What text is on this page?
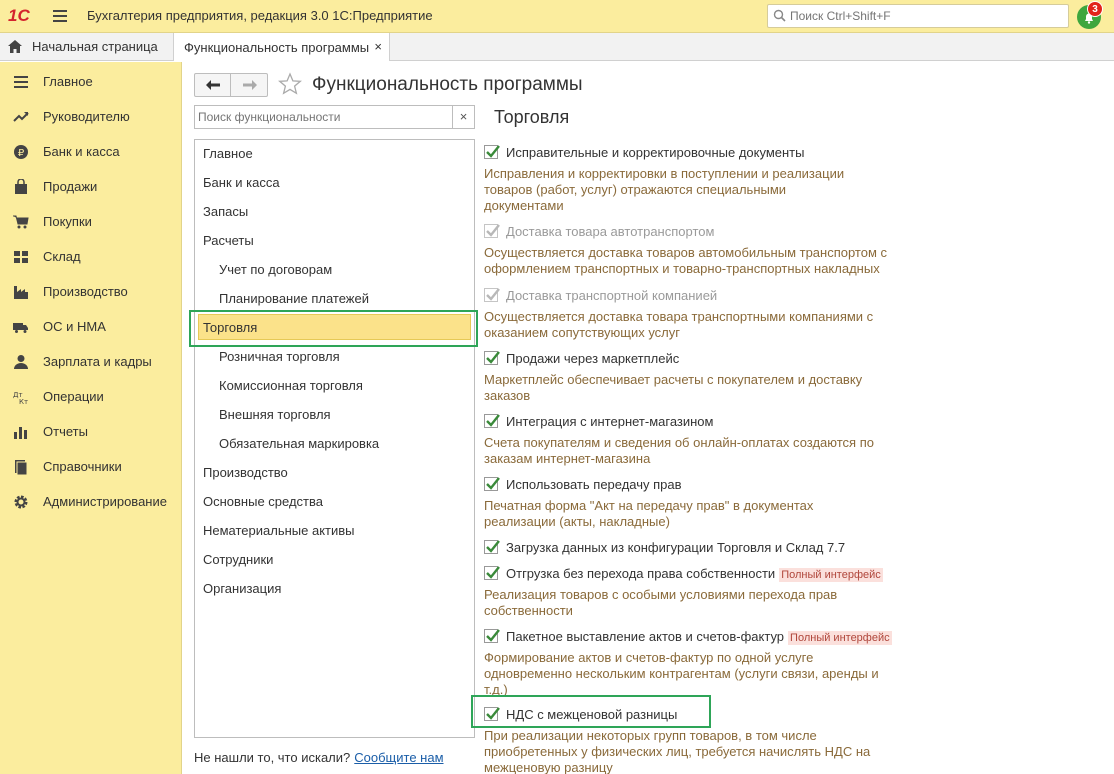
1С	Бухгалтерия предприятия, редакция 3.0 1С:Предприятие
Поиск Ctrl+Shift+F	3
Начальная страница Функциональность программы ×
Главное
Руководителю
₽ Банк и касса
Продажи
Покупки
Склад
Производство
ОС и НМА
Зарплата и кадры
Дт
Кт Операции
Отчеты
Справочники
Администрирование
Функциональность программы
Поиск функциональности
×
Главное
Банк и касса
Запасы
Расчеты
Учет по договорам
Планирование платежей
Торговля
Розничная торговля
Комиссионная торговля
Внешняя торговля
Обязательная маркировка
Производство
Основные средства
Нематериальные активы
Сотрудники
Организация
Не нашли то, что искали? Сообщите нам
Торговля
Исправительные и корректировочные документы
Исправления и корректировки в поступлении и реализации
товаров (работ, услуг) отражаются специальными
документами
Доставка товара автотранспортом
Осуществляется доставка товаров автомобильным транспортом с
оформлением транспортных и товарно-транспортных накладных
Доставка транспортной компанией
Осуществляется доставка товара транспортными компаниями с
оказанием сопутствующих услуг
Продажи через маркетплейс
Маркетплейс обеспечивает расчеты с покупателем и доставку
заказов
Интеграция с интернет-магазином
Счета покупателям и сведения об онлайн-оплатах создаются по
заказам интернет-магазина
Использовать передачу прав
Печатная форма "Акт на передачу прав" в документах
реализации (акты, накладные)
Загрузка данных из конфигурации Торговля и Склад 7.7
Отгрузка без перехода права собственности Полный интерфейс
Реализация товаров с особыми условиями перехода прав
собственности
Пакетное выставление актов и счетов-фактур Полный интерфейс
Формирование актов и счетов-фактур по одной услуге
одновременно нескольким контрагентам (услуги связи, аренды и
т.д.)
НДС с межценовой разницы
При реализации некоторых групп товаров, в том числе
приобретенных у физических лиц, требуется начислять НДС на
межценовую разницу
